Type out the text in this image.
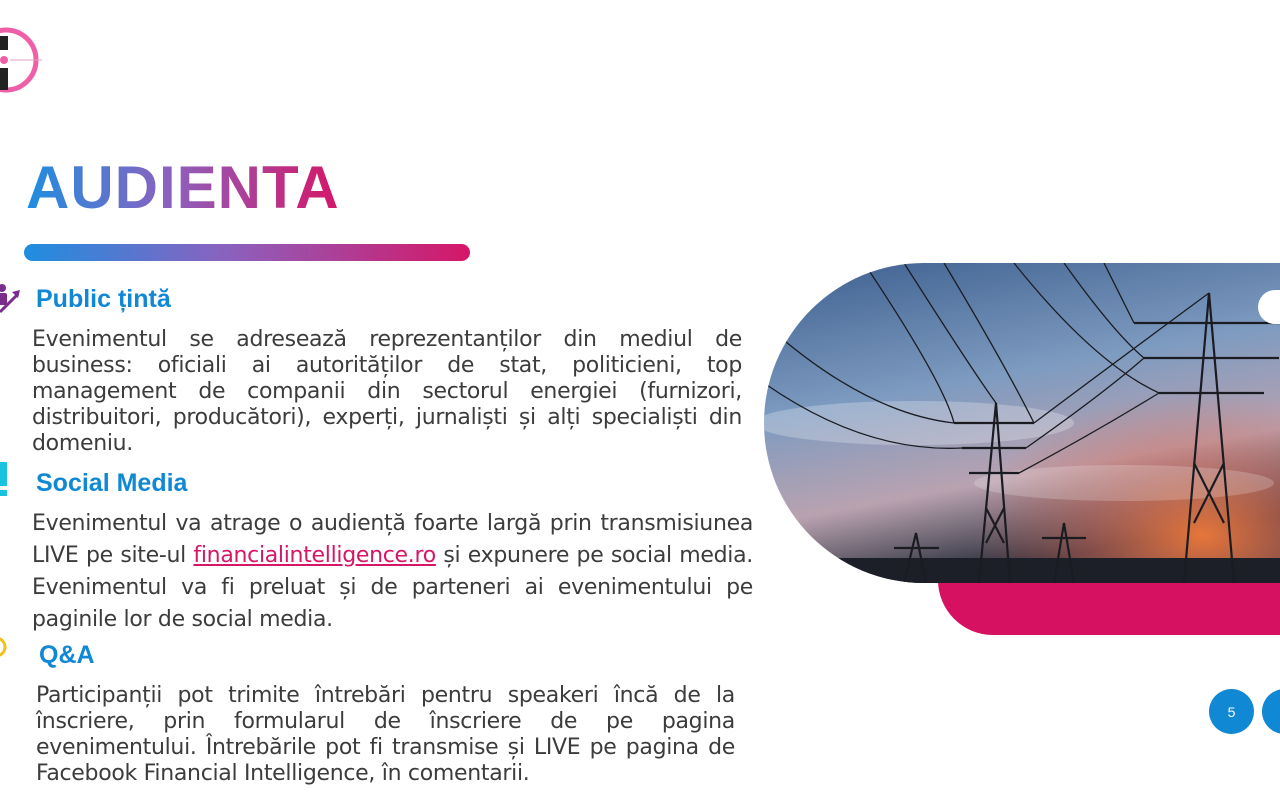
AUDIENTA
Public țintă

Evenimentul se adresează reprezentanților din mediul de business: oficiali ai autorităților de stat, politicieni, top management de companii din sectorul energiei (furnizori, distribuitori, producători), experți, jurnaliști și alți specialiști din domeniu.

Social Media

Evenimentul va atrage o audiență foarte largă prin transmisiunea LIVE pe site-ul financialintelligence.ro și expunere pe social media. Evenimentul va fi preluat și de parteneri ai evenimentului pe paginile lor de social media.

Q&A

Participanții pot trimite întrebări pentru speakeri încă de la înscriere, prin formularul de înscriere de pe pagina evenimentului. Întrebările pot fi transmise și LIVE pe pagina de Facebook Financial Intelligence, în comentarii.

5
